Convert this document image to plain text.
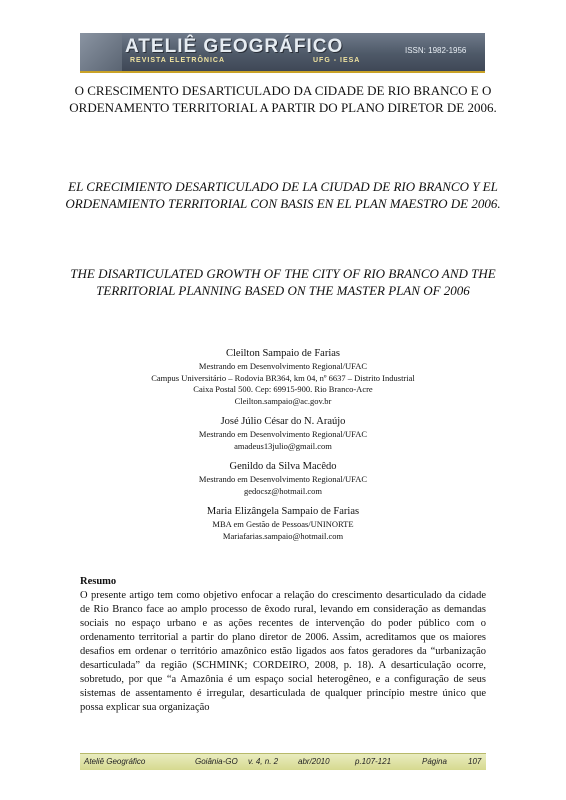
ATELIÊ GEOGRÁFICO
REVISTA ELETRÔNICA	UFG - IESA
ISSN: 1982-1956
O CRESCIMENTO DESARTICULADO DA CIDADE DE RIO BRANCO E O ORDENAMENTO TERRITORIAL A PARTIR DO PLANO DIRETOR DE 2006.
EL CRECIMIENTO DESARTICULADO DE LA CIUDAD DE RIO BRANCO Y EL ORDENAMIENTO TERRITORIAL CON BASIS EN EL PLAN MAESTRO DE 2006.
THE DISARTICULATED GROWTH OF THE CITY OF RIO BRANCO AND THE TERRITORIAL PLANNING BASED ON THE MASTER PLAN OF 2006
Cleilton Sampaio de Farias
Mestrando em Desenvolvimento Regional/UFAC
Campus Universitário – Rodovia BR364, km 04, nº 6637 – Distrito Industrial
Caixa Postal 500. Cep: 69915-900. Rio Branco-Acre
Cleilton.sampaio@ac.gov.br
José Júlio César do N. Araújo
Mestrando em Desenvolvimento Regional/UFAC
amadeus13julio@gmail.com
Genildo da Silva Macêdo
Mestrando em Desenvolvimento Regional/UFAC
gedocsz@hotmail.com
Maria Elizângela Sampaio de Farias
MBA em Gestão de Pessoas/UNINORTE
Mariafarias.sampaio@hotmail.com
Resumo

O presente artigo tem como objetivo enfocar a relação do crescimento desarticulado da cidade de Rio Branco face ao amplo processo de êxodo rural, levando em consideração as demandas sociais no espaço urbano e as ações recentes de intervenção do poder público com o ordenamento territorial a partir do plano diretor de 2006. Assim, acreditamos que os maiores desafios em ordenar o território amazônico estão ligados aos fatos geradores da “urbanização desarticulada” da região (SCHMINK; CORDEIRO, 2008, p. 18). A desarticulação ocorre, sobretudo, por que “a Amazônia é um espaço social heterogêneo, e a configuração de seus sistemas de assentamento é irregular, desarticulada de qualquer princípio mestre único que possa explicar sua organização

Ateliê Geográfico	Goiânia-GO v. 4, n. 2 abr/2010	p.107-121	Página	107
